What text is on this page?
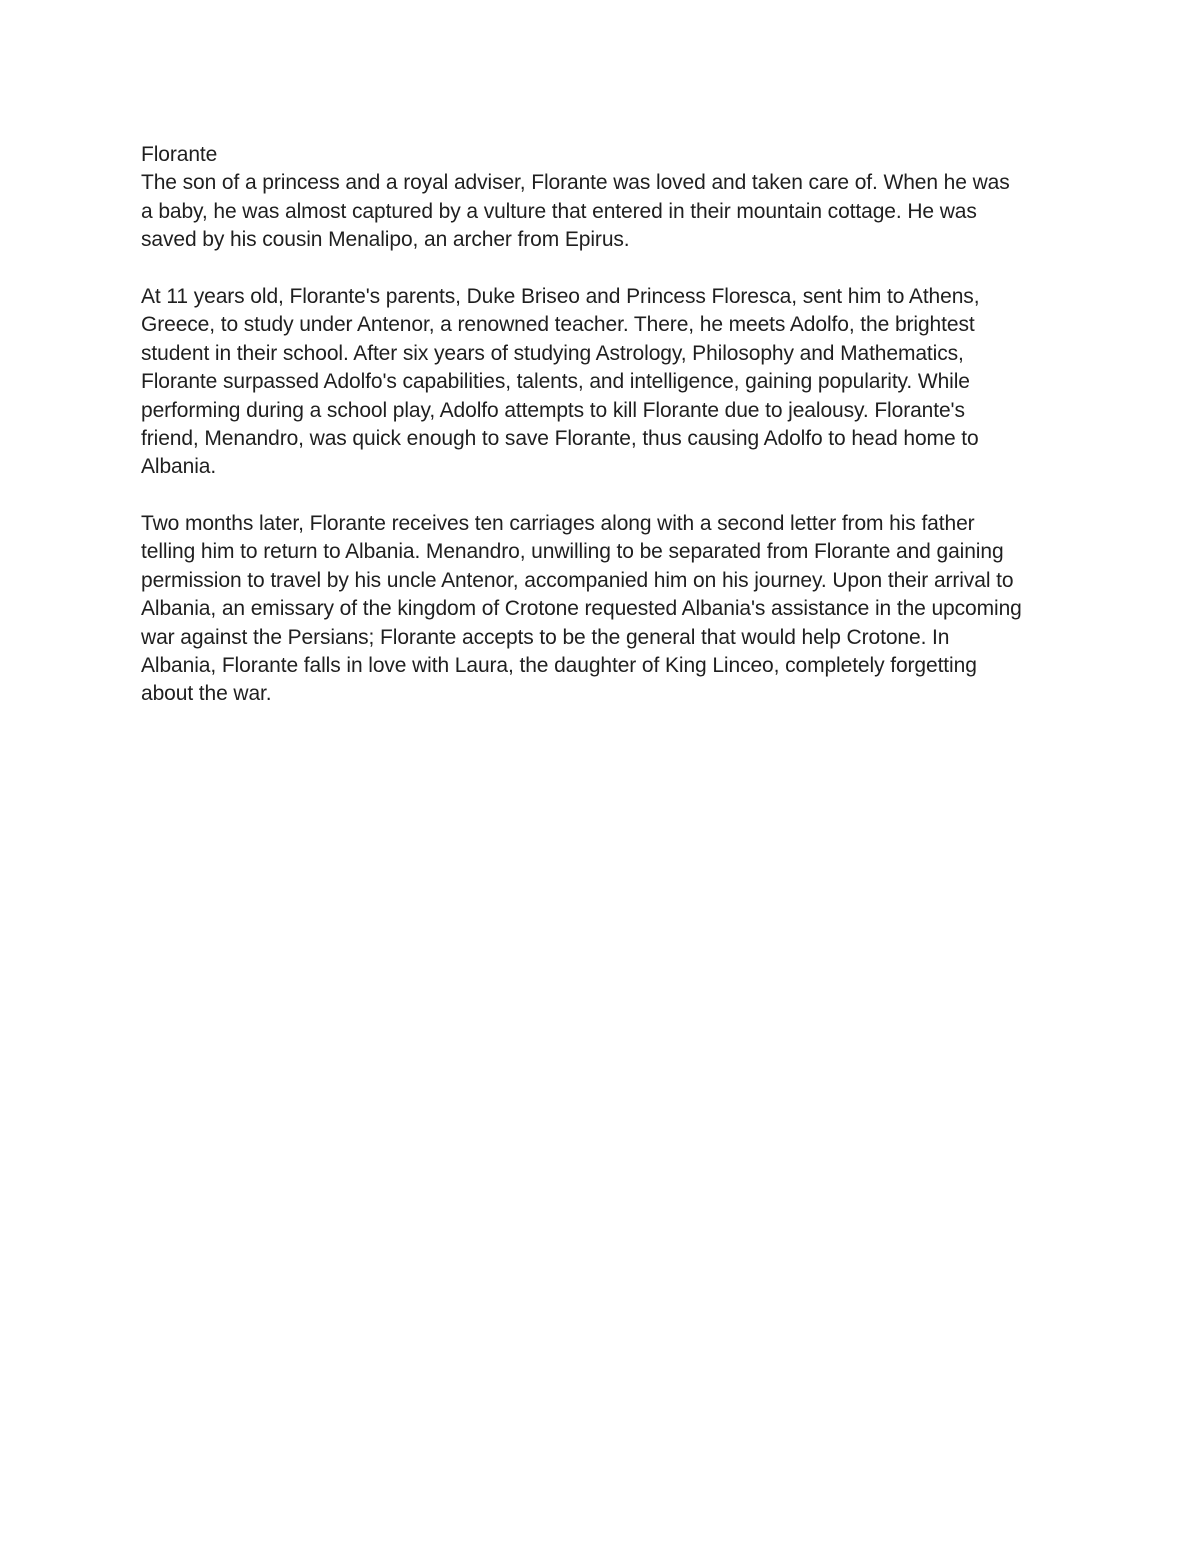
Florante
The son of a princess and a royal adviser, Florante was loved and taken care of. When he was
a baby, he was almost captured by a vulture that entered in their mountain cottage. He was
saved by his cousin Menalipo, an archer from Epirus.
At 11 years old, Florante's parents, Duke Briseo and Princess Floresca, sent him to Athens,
Greece, to study under Antenor, a renowned teacher. There, he meets Adolfo, the brightest
student in their school. After six years of studying Astrology, Philosophy and Mathematics,
Florante surpassed Adolfo's capabilities, talents, and intelligence, gaining popularity. While
performing during a school play, Adolfo attempts to kill Florante due to jealousy. Florante's
friend, Menandro, was quick enough to save Florante, thus causing Adolfo to head home to
Albania.
Two months later, Florante receives ten carriages along with a second letter from his father
telling him to return to Albania. Menandro, unwilling to be separated from Florante and gaining
permission to travel by his uncle Antenor, accompanied him on his journey. Upon their arrival to
Albania, an emissary of the kingdom of Crotone requested Albania's assistance in the upcoming
war against the Persians; Florante accepts to be the general that would help Crotone. In
Albania, Florante falls in love with Laura, the daughter of King Linceo, completely forgetting
about the war.
